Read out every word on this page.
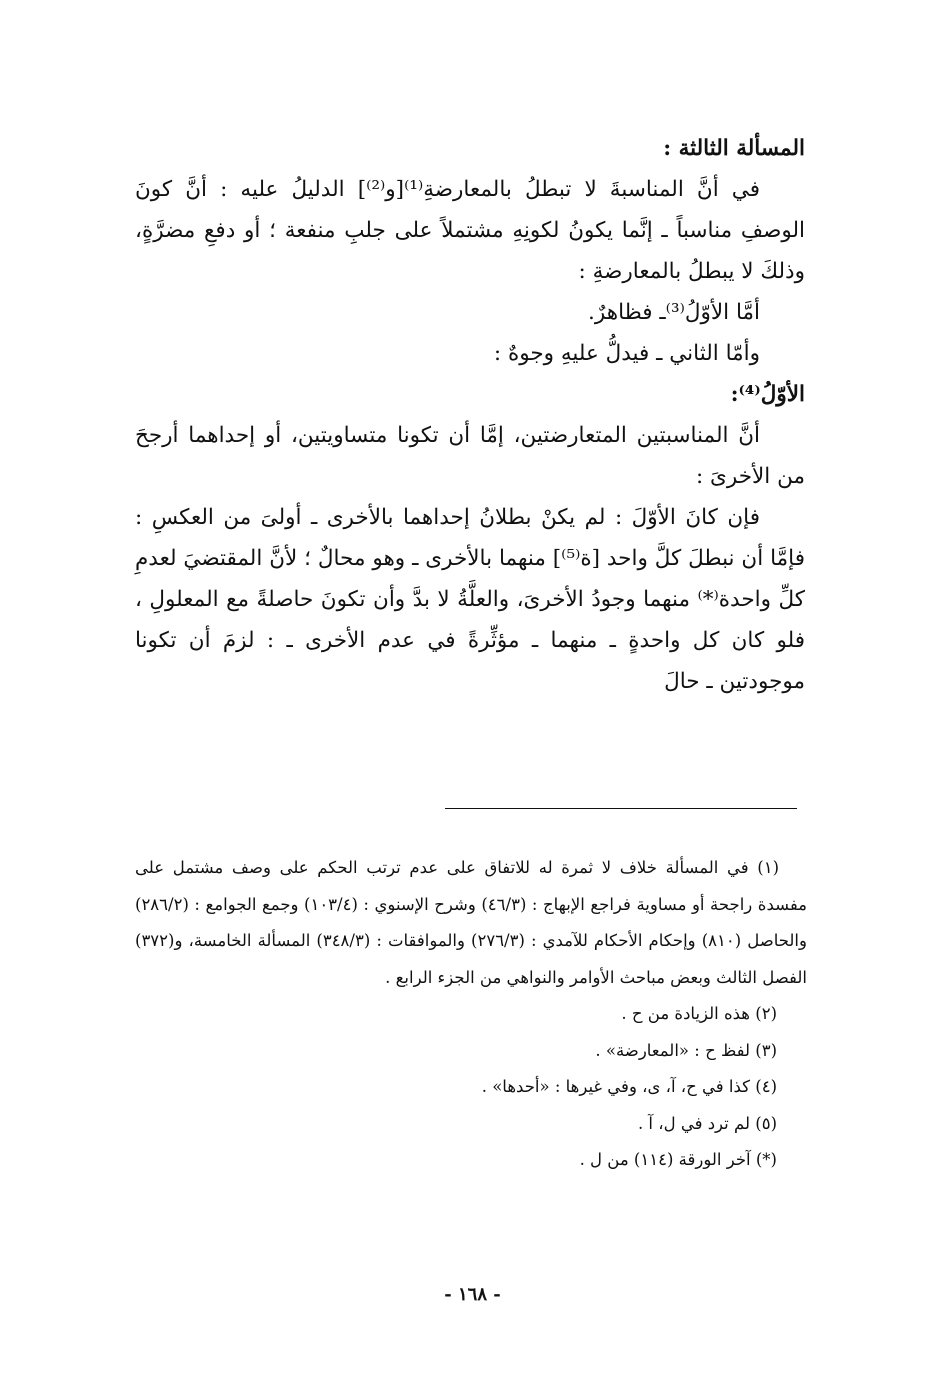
المسألة الثالثة :

في أنَّ المناسبةَ لا تبطلُ بالمعارضةِ⁽¹⁾[و⁽²⁾] الدليلُ عليه : أنَّ كونَ الوصفِ مناسباً ـ إنَّما يكونُ لكونِهِ مشتملاً على جلبِ منفعة ؛ أو دفعِ مضرَّةٍ، وذلكَ لا يبطلُ بالمعارضةِ :

أمَّا الأوّلُ⁽³⁾ـ فظاهرٌ.

وأمّا الثاني ـ فيدلُّ عليهِ وجوهٌ :

الأوّلُ⁽⁴⁾:

أنَّ المناسبتين المتعارضتين، إمَّا أن تكونا متساويتين، أو إحداهما أرجحَ من الأخرىَ :

فإن كانَ الأوّلَ : لم يكنْ بطلانُ إحداهما بالأخرى ـ أولىَ من العكسِ : فإمَّا أن نبطلَ كلَّ واحد [ة⁽⁵⁾] منهما بالأخرى ـ وهو محالٌ ؛ لأنَّ المقتضيَ لعدمِ كلِّ واحدة⁽*⁾ منهما وجودُ الأخرىَ، والعلَّةُ لا بدَّ وأن تكونَ حاصلةً مع المعلولِ ، فلو كان كل واحدةٍ ـ منهما ـ مؤثِّرةً في عدم الأخرى ـ : لزمَ أن تكونا موجودتين ـ حالَ

(١) في المسألة خلاف لا ثمرة له للاتفاق على عدم ترتب الحكم على وصف مشتمل على مفسدة راجحة أو مساوية فراجع الإبهاج : (٤٦/٣) وشرح الإسنوي : (١٠٣/٤) وجمع الجوامع : (٢٨٦/٢) والحاصل (٨١٠) وإحكام الأحكام للآمدي : (٢٧٦/٣) والموافقات : (٣٤٨/٣) المسألة الخامسة، و(٣٧٢) الفصل الثالث وبعض مباحث الأوامر والنواهي من الجزء الرابع .

(٢) هذه الزيادة من ح .

(٣) لفظ ح : «المعارضة» .

(٤) كذا في ح، آ، ى، وفي غيرها : «أحدها» .

(٥) لم ترد في ل، آ .

(*) آخر الورقة (١١٤) من ل .

- ١٦٨ -
